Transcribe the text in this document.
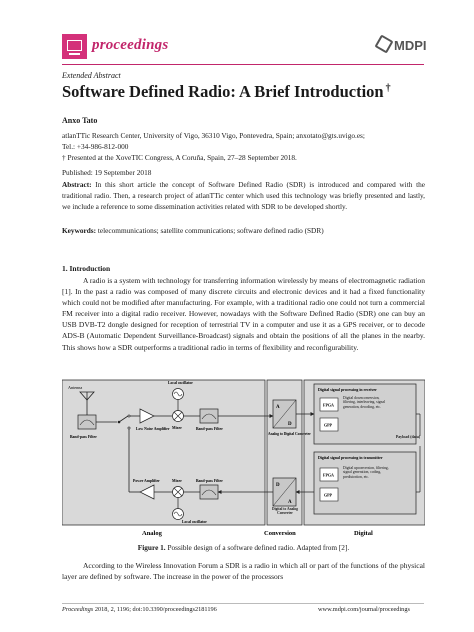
proceedings	MDPI
Extended Abstract
Software Defined Radio: A Brief Introduction †
Anxo Tato
atlanTTic Research Center, University of Vigo, 36310 Vigo, Pontevedra, Spain; anxotato@gts.uvigo.es;
Tel.: +34-986-812-000
† Presented at the XoveTIC Congress, A Coruña, Spain, 27–28 September 2018.
Published: 19 September 2018
Abstract: In this short article the concept of Software Defined Radio (SDR) is introduced and compared with the traditional radio. Then, a research project of atlanTTic center which used this technology was briefly presented and lastly, we include a reference to some dissemination activities related with SDR to be developed shortly.
Keywords: telecommunications; satellite communications; software defined radio (SDR)
1. Introduction
A radio is a system with technology for transferring information wirelessly by means of electromagnetic radiation [1]. In the past a radio was composed of many discrete circuits and electronic devices and it had a fixed functionality which could not be modified after manufacturing. For example, with a traditional radio one could not turn a commercial FM receiver into a digital radio receiver. However, nowadays with the Software Defined Radio (SDR) one can buy an USB DVB-T2 dongle designed for reception of terrestrial TV in a computer and use it as a GPS receiver, or to decode ADS-B (Automatic Dependent Surveillance-Broadcast) signals and obtain the positions of all the planes in the nearby. This shows how a SDR outperforms a traditional radio in terms of flexibility and reconfigurability.
Antenna
Band-pass Filter
Low Noise Amplifier Mixer
Local oscillator
Band-pass Filter
A
D
Analog to Digital Converter
Digital signal processing in receiver
FPGA
GPP
Digital downconversion, filtering, interleaving, signal generation, decoding, etc.
Payload (data)
Digital signal processing in transmitter
FPGA
GPP
Digital upconversion, filtering, signal generation, coding, predistortion, etc.
D
A
Digital to Analog Converter
Band-pass Filter
Mixer
Local oscillator
Power Amplifier
Analog	Conversion	Digital
Figure 1. Possible design of a software defined radio. Adapted from [2].
According to the Wireless Innovation Forum a SDR is a radio in which all or part of the functions of the physical layer are defined by software. The increase in the power of the processors
Proceedings 2018, 2, 1196; doi:10.3390/proceedings2181196	www.mdpi.com/journal/proceedings
